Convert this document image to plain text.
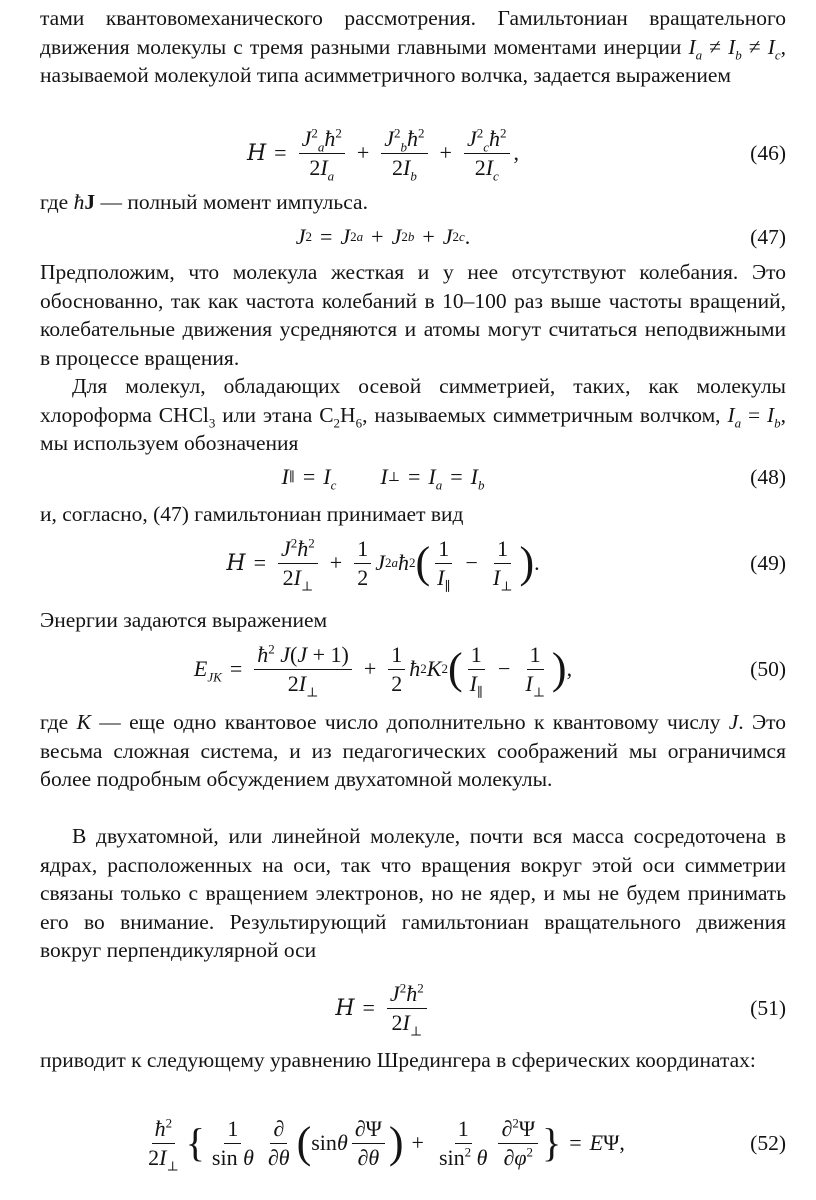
тами квантовомеханического рассмотрения. Гамильтониан вращательного движения молекулы с тремя разными главными моментами инерции $I_a \ne I_b \ne I_c$, называемой молекулой типа асимметричного волчка, задается выражением

$H = \frac{J^2_aħ^2}{2I_a} + \frac{J^2_bħ^2}{2I_b} + \frac{J^2_cħ^2}{2I_c}$ ,	(46)

где ħJ — полный момент импульса.

J 2 = J 2 a + J 2 b + J 2 c .	(47)

Предположим, что молекула жесткая и у нее отсутствуют колебания. Это обоснованно, так как частота колебаний в 10–100 раз выше частоты вращений, колебательные движения усредняются и атомы могут считаться неподвижными в процессе вращения.

Для молекул, обладающих осевой симметрией, таких, как молекулы хлороформа CHCl$_3$ или этана $C_2H_6$, называемых симметричным волчком, $I_a = I_b$, мы используем обозначения

I ∥ = $I_c$ I ⊥ = $I_a = I_b$	(48)

и, согласно, (47) гамильтониан принимает вид

$H = \frac{J^2ħ^2}{2I_\perp} + \frac{1}{2}$ J 2 a ħ 2 ( $\frac{1}{I_\parallel} - \frac{1}{I_\perp}$ ) .	(49)

Энергии задаются выражением

$E_{JK} = \frac{ħ^2 J(J + 1)}{2I_\perp} + \frac{1}{2}$ ħ 2 K 2 ( $\frac{1}{I_\parallel} - \frac{1}{I_\perp}$ ) ,	(50)

где K — еще одно квантовое число дополнительно к квантовому числу J. Это весьма сложная система, и из педагогических соображений мы ограничимся более подробным обсуждением двухатомной молекулы.

В двухатомной, или линейной молекуле, почти вся масса сосредоточена в ядрах, расположенных на оси, так что вращения вокруг этой оси симметрии связаны только с вращением электронов, но не ядер, и мы не будем принимать его во внимание. Результирующий гамильтониан вращательного движения вокруг перпендикулярной оси

$H = \frac{J^2ħ^2}{2I_\perp}$	(51)

приводит к следующему уравнению Шредингера в сферических координатах:

$\frac{ħ^2}{2I_\perp}$ { $\frac{1}{\text{sin θ}} \frac{\partial}{\partial\theta}$ ( sin θ $\frac{\partial\Psi}{\partial\theta}$ ) + $\frac{1}{\sin^2 \theta} \frac{\partial^2\Psi}{\partial\varphi^2}$ } = E Ψ,	(52)
